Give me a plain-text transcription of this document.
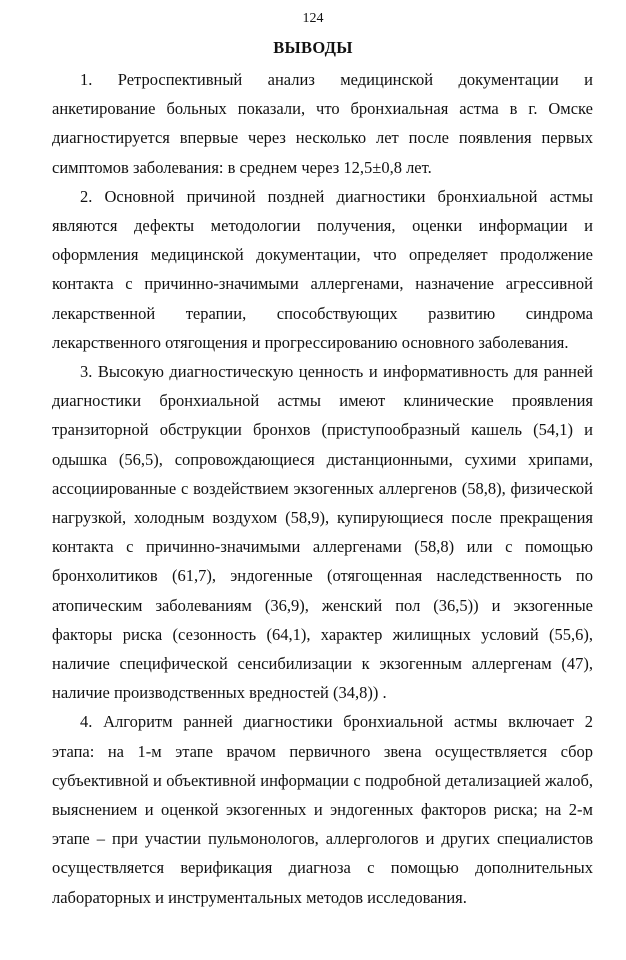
124
ВЫВОДЫ

1. Ретроспективный анализ медицинской документации и анкетирование больных показали, что бронхиальная астма в г. Омске диагностируется впервые через несколько лет после появления первых симптомов заболевания: в среднем через 12,5±0,8 лет.

2. Основной причиной поздней диагностики бронхиальной астмы являются дефекты методологии получения, оценки информации и оформления медицинской документации, что определяет продолжение контакта с причинно-значимыми аллергенами, назначение агрессивной лекарственной терапии, способствующих развитию синдрома лекарственного отягощения и прогрессированию основного заболевания.

3. Высокую диагностическую ценность и информативность для ранней диагностики бронхиальной астмы имеют клинические проявления транзиторной обструкции бронхов (приступообразный кашель (54,1) и одышка (56,5), сопровождающиеся дистанционными, сухими хрипами, ассоциированные с воздействием экзогенных аллергенов (58,8), физической нагрузкой, холодным воздухом (58,9), купирующиеся после прекращения контакта с причинно-значимыми аллергенами (58,8) или с помощью бронхолитиков (61,7), эндогенные (отягощенная наследственность по атопическим заболеваниям (36,9), женский пол (36,5)) и экзогенные факторы риска (сезонность (64,1), характер жилищных условий (55,6), наличие специфической сенсибилизации к экзогенным аллергенам (47), наличие производственных вредностей (34,8)) .

4. Алгоритм ранней диагностики бронхиальной астмы включает 2 этапа: на 1-м этапе врачом первичного звена осуществляется сбор субъективной и объективной информации с подробной детализацией жалоб, выяснением и оценкой экзогенных и эндогенных факторов риска; на 2-м этапе – при участии пульмонологов, аллергологов и других специалистов осуществляется верификация диагноза с помощью дополнительных лабораторных и инструментальных методов исследования.
